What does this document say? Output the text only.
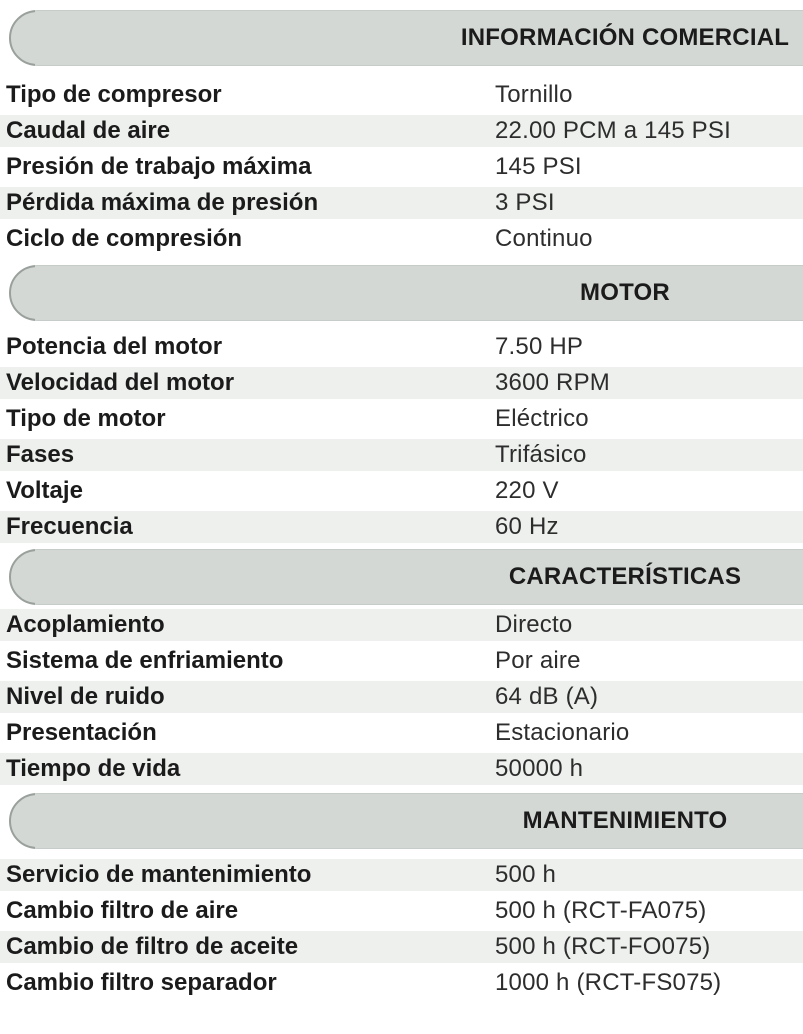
INFORMACIÓN COMERCIAL
Tipo de compresor	Tornillo
Caudal de aire	22.00 PCM a 145 PSI
Presión de trabajo máxima	145 PSI
Pérdida máxima de presión	3 PSI
Ciclo de compresión	Continuo
MOTOR
Potencia del motor	7.50 HP
Velocidad del motor	3600 RPM
Tipo de motor	Eléctrico
Fases	Trifásico
Voltaje	220 V
Frecuencia	60 Hz
CARACTERÍSTICAS
Acoplamiento	Directo
Sistema de enfriamiento	Por aire
Nivel de ruido	64 dB (A)
Presentación	Estacionario
Tiempo de vida	50000 h
MANTENIMIENTO
Servicio de mantenimiento	500 h
Cambio filtro de aire	500 h (RCT-FA075)
Cambio de filtro de aceite	500 h (RCT-FO075)
Cambio filtro separador	1000 h (RCT-FS075)
